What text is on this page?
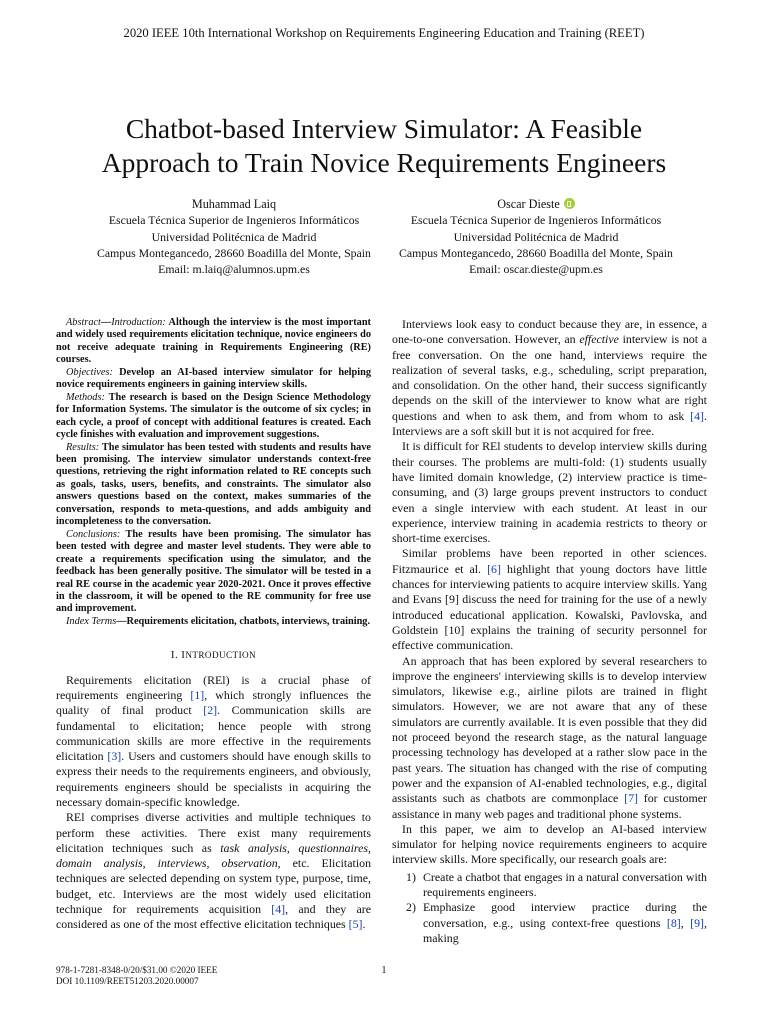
2020 IEEE 10th International Workshop on Requirements Engineering Education and Training (REET)
Chatbot-based Interview Simulator: A Feasible
Approach to Train Novice Requirements Engineers
Muhammad Laiq
Escuela Técnica Superior de Ingenieros Informáticos
Universidad Politécnica de Madrid
Campus Montegancedo, 28660 Boadilla del Monte, Spain
Email: m.laiq@alumnos.upm.es
Oscar Dieste
Escuela Técnica Superior de Ingenieros Informáticos
Universidad Politécnica de Madrid
Campus Montegancedo, 28660 Boadilla del Monte, Spain
Email: oscar.dieste@upm.es

Abstract—Introduction: Although the interview is the most important and widely used requirements elicitation technique, novice engineers do not receive adequate training in Requirements Engineering (RE) courses.

Objectives: Develop an AI-based interview simulator for helping novice requirements engineers in gaining interview skills.

Methods: The research is based on the Design Science Methodology for Information Systems. The simulator is the outcome of six cycles; in each cycle, a proof of concept with additional features is created. Each cycle finishes with evaluation and improvement suggestions.

Results: The simulator has been tested with students and results have been promising. The interview simulator understands context-free questions, retrieving the right information related to RE concepts such as goals, tasks, users, benefits, and constraints. The simulator also answers questions based on the context, makes summaries of the conversation, responds to meta-questions, and adds ambiguity and incompleteness to the conversation.

Conclusions: The results have been promising. The simulator has been tested with degree and master level students. They were able to create a requirements specification using the simulator, and the feedback has been generally positive. The simulator will be tested in a real RE course in the academic year 2020-2021. Once it proves effective in the classroom, it will be opened to the RE community for free use and improvement.

Index Terms—Requirements elicitation, chatbots, interviews, training.

I. INTRODUCTION

Requirements elicitation (REl) is a crucial phase of requirements engineering [1], which strongly influences the quality of final product [2]. Communication skills are fundamental to elicitation; hence people with strong communication skills are more effective in the requirements elicitation [3]. Users and customers should have enough skills to express their needs to the requirements engineers, and obviously, requirements engineers should be specialists in acquiring the necessary domain-specific knowledge.

REl comprises diverse activities and multiple techniques to perform these activities. There exist many requirements elicitation techniques such as task analysis, questionnaires, domain analysis, interviews, observation, etc. Elicitation techniques are selected depending on system type, purpose, time, budget, etc. Interviews are the most widely used elicitation technique for requirements acquisition [4], and they are considered as one of the most effective elicitation techniques [5].

Interviews look easy to conduct because they are, in essence, a one-to-one conversation. However, an effective interview is not a free conversation. On the one hand, interviews require the realization of several tasks, e.g., scheduling, script preparation, and consolidation. On the other hand, their success significantly depends on the skill of the interviewer to know what are right questions and when to ask them, and from whom to ask [4]. Interviews are a soft skill but it is not acquired for free.

It is difficult for REl students to develop interview skills during their courses. The problems are multi-fold: (1) students usually have limited domain knowledge, (2) interview practice is time-consuming, and (3) large groups prevent instructors to conduct even a single interview with each student. At least in our experience, interview training in academia restricts to theory or short-time exercises.

Similar problems have been reported in other sciences. Fitzmaurice et al. [6] highlight that young doctors have little chances for interviewing patients to acquire interview skills. Yang and Evans [9] discuss the need for training for the use of a newly introduced educational application. Kowalski, Pavlovska, and Goldstein [10] explains the training of security personnel for effective communication.

An approach that has been explored by several researchers to improve the engineers' interviewing skills is to develop interview simulators, likewise e.g., airline pilots are trained in flight simulators. However, we are not aware that any of these simulators are currently available. It is even possible that they did not proceed beyond the research stage, as the natural language processing technology has developed at a rather slow pace in the past years. The situation has changed with the rise of computing power and the expansion of AI-enabled technologies, e.g., digital assistants such as chatbots are commonplace [7] for customer assistance in many web pages and traditional phone systems.

In this paper, we aim to develop an AI-based interview simulator for helping novice requirements engineers to acquire interview skills. More specifically, our research goals are:

1) Create a chatbot that engages in a natural conversation with requirements engineers.
2) Emphasize good interview practice during the conversation, e.g., using context-free questions [8], [9], making
978-1-7281-8348-0/20/$31.00 ©2020 IEEE
DOI 10.1109/REET51203.2020.00007
1
